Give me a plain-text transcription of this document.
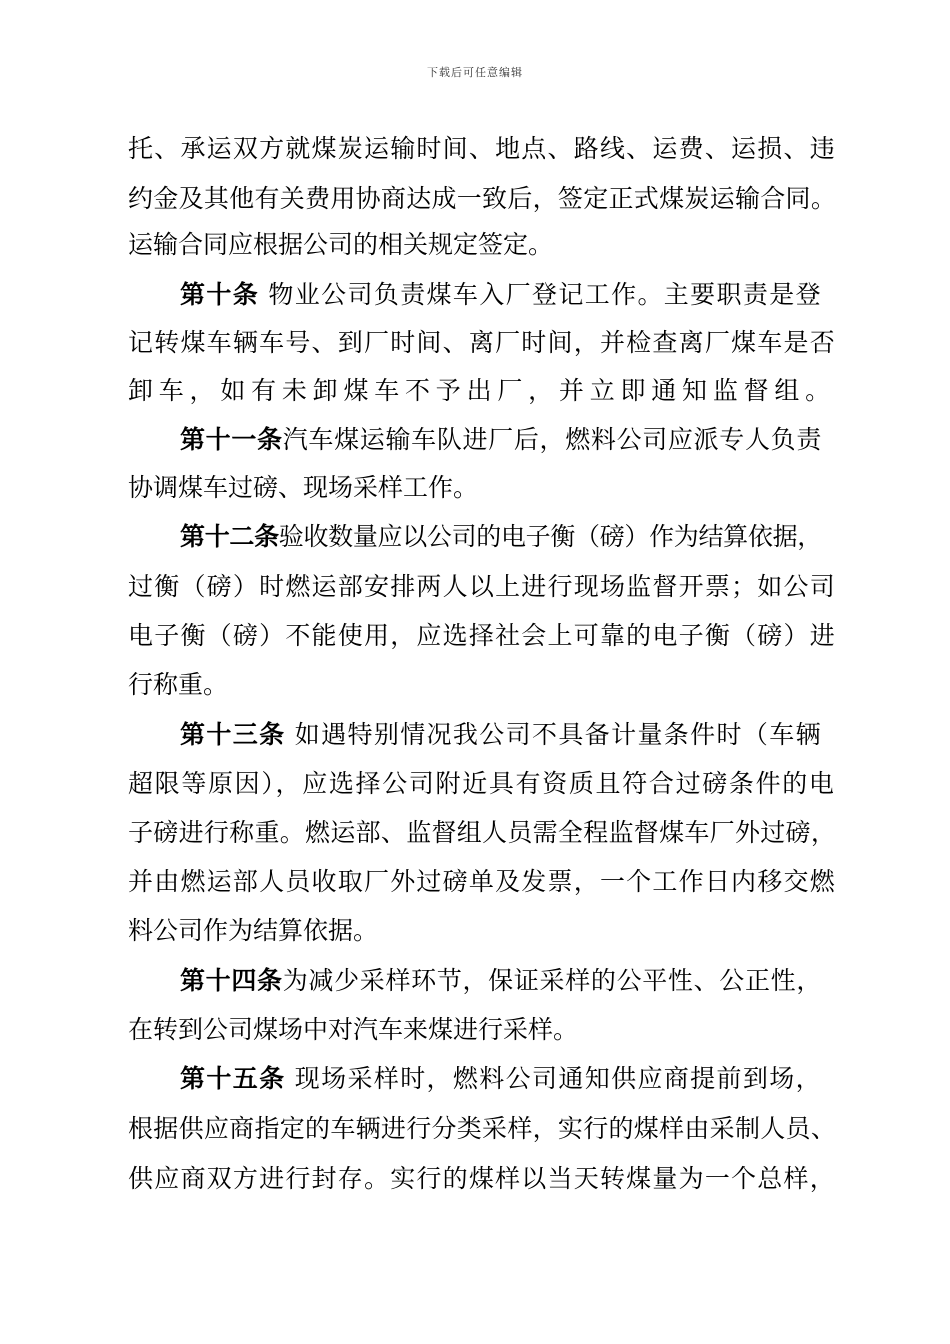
下载后可任意编辑
托、承运双方就煤炭运输时间、地点、路线、运费、运损、违
约金及其他有关费用协商达成一致后，签定正式煤炭运输合同。
运输合同应根据公司的相关规定签定。
第十条 物业公司负责煤车入厂登记工作。主要职责是登
记转煤车辆车号、到厂时间、离厂时间，并检查离厂煤车是否
卸车，如有未卸煤车不予出厂，并立即通知监督组。
第十一条汽车煤运输车队进厂后，燃料公司应派专人负责
协调煤车过磅、现场采样工作。
第十二条验收数量应以公司的电子衡（磅）作为结算依据，
过衡（磅）时燃运部安排两人以上进行现场监督开票；如公司
电子衡（磅）不能使用，应选择社会上可靠的电子衡（磅）进
行称重。
第十三条 如遇特别情况我公司不具备计量条件时（车辆
超限等原因），应选择公司附近具有资质且符合过磅条件的电
子磅进行称重。燃运部、监督组人员需全程监督煤车厂外过磅，
并由燃运部人员收取厂外过磅单及发票，一个工作日内移交燃
料公司作为结算依据。
第十四条为减少采样环节，保证采样的公平性、公正性，
在转到公司煤场中对汽车来煤进行采样。
第十五条 现场采样时，燃料公司通知供应商提前到场，
根据供应商指定的车辆进行分类采样，实行的煤样由采制人员、
供应商双方进行封存。实行的煤样以当天转煤量为一个总样，
